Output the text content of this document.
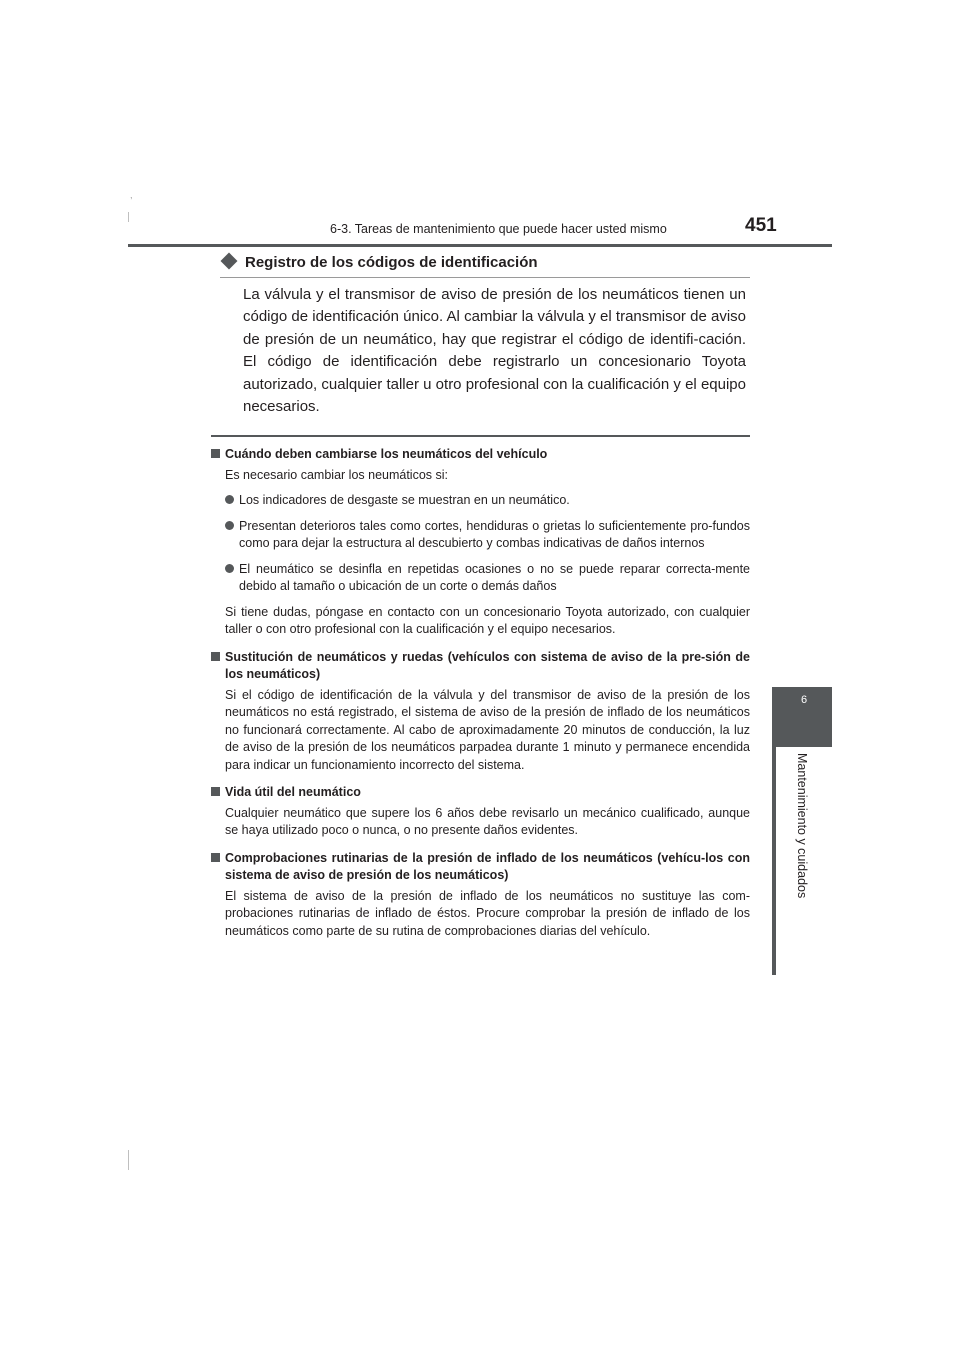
,
6-3. Tareas de mantenimiento que puede hacer usted mismo	451
6
Mantenimiento y cuidados
Registro de los códigos de identificación
La válvula y el transmisor de aviso de presión de los neumáticos tienen un código de identificación único. Al cambiar la válvula y el transmisor de aviso de presión de un neumático, hay que registrar el código de identifi-cación. El código de identificación debe registrarlo un concesionario Toyota autorizado, cualquier taller u otro profesional con la cualificación y el equipo necesarios.

Cuándo deben cambiarse los neumáticos del vehículo

Es necesario cambiar los neumáticos si:

Los indicadores de desgaste se muestran en un neumático.

Presentan deterioros tales como cortes, hendiduras o grietas lo suficientemente pro-fundos como para dejar la estructura al descubierto y combas indicativas de daños internos

El neumático se desinfla en repetidas ocasiones o no se puede reparar correcta-mente debido al tamaño o ubicación de un corte o demás daños

Si tiene dudas, póngase en contacto con un concesionario Toyota autorizado, con cualquier taller o con otro profesional con la cualificación y el equipo necesarios.

Sustitución de neumáticos y ruedas (vehículos con sistema de aviso de la pre-sión de los neumáticos)

Si el código de identificación de la válvula y del transmisor de aviso de la presión de los neumáticos no está registrado, el sistema de aviso de la presión de inflado de los neumáticos no funcionará correctamente. Al cabo de aproximadamente 20 minutos de conducción, la luz de aviso de la presión de los neumáticos parpadea durante 1 minuto y permanece encendida para indicar un funcionamiento incorrecto del sistema.

Vida útil del neumático

Cualquier neumático que supere los 6 años debe revisarlo un mecánico cualificado, aunque se haya utilizado poco o nunca, o no presente daños evidentes.

Comprobaciones rutinarias de la presión de inflado de los neumáticos (vehícu-los con sistema de aviso de presión de los neumáticos)

El sistema de aviso de la presión de inflado de los neumáticos no sustituye las com-probaciones rutinarias de inflado de éstos. Procure comprobar la presión de inflado de los neumáticos como parte de su rutina de comprobaciones diarias del vehículo.
